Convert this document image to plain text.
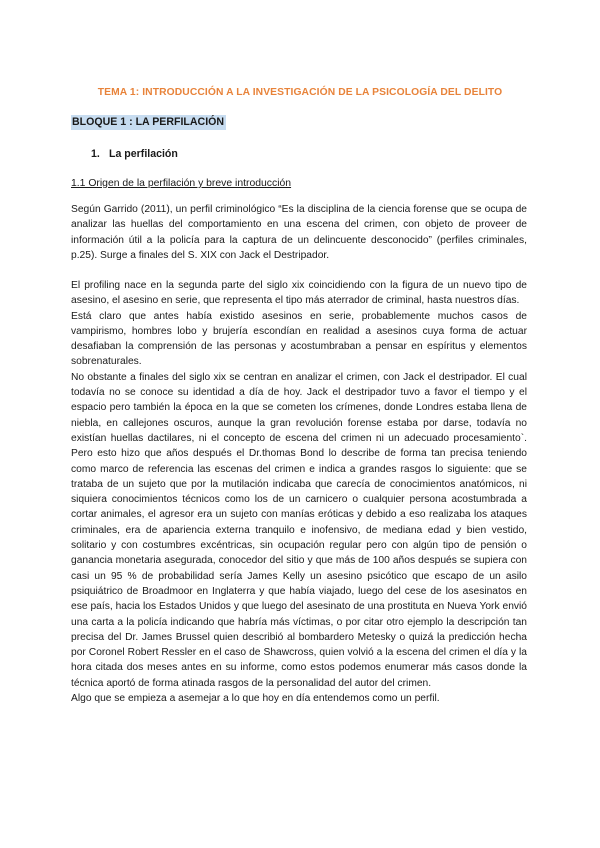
TEMA 1: INTRODUCCIÓN A LA INVESTIGACIÓN DE LA PSICOLOGÍA DEL DELITO
BLOQUE 1 : LA PERFILACIÓN
1. La perfilación
1.1 Origen de la perfilación y breve introducción

Según Garrido (2011), un perfil criminológico “Es la disciplina de la ciencia forense que se ocupa de analizar las huellas del comportamiento en una escena del crimen, con objeto de proveer de información útil a la policía para la captura de un delincuente desconocido” (perfiles criminales, p.25). Surge a finales del S. XIX con Jack el Destripador.

El profiling nace en la segunda parte del siglo xix coincidiendo con la figura de un nuevo tipo de asesino, el asesino en serie, que representa el tipo más aterrador de criminal, hasta nuestros días.

Está claro que antes había existido asesinos en serie, probablemente muchos casos de vampirismo, hombres lobo y brujería escondían en realidad a asesinos cuya forma de actuar desafiaban la comprensión de las personas y acostumbraban a pensar en espíritus y elementos sobrenaturales.

No obstante a finales del siglo xix se centran en analizar el crimen, con Jack el destripador. El cual todavía no se conoce su identidad a día de hoy. Jack el destripador tuvo a favor el tiempo y el espacio pero también la época en la que se cometen los crímenes, donde Londres estaba llena de niebla, en callejones oscuros, aunque la gran revolución forense estaba por darse, todavía no existían huellas dactilares, ni el concepto de escena del crimen ni un adecuado procesamiento`. Pero esto hizo que años después el Dr.thomas Bond lo describe de forma tan precisa teniendo como marco de referencia las escenas del crimen e indica a grandes rasgos lo siguiente: que se trataba de un sujeto que por la mutilación indicaba que carecía de conocimientos anatómicos, ni siquiera conocimientos técnicos como los de un carnicero o cualquier persona acostumbrada a cortar animales, el agresor era un sujeto con manías eróticas y debido a eso realizaba los ataques criminales, era de apariencia externa tranquilo e inofensivo, de mediana edad y bien vestido, solitario y con costumbres excéntricas, sin ocupación regular pero con algún tipo de pensión o ganancia monetaria asegurada, conocedor del sitio y que más de 100 años después se supiera con casi un 95 % de probabilidad sería James Kelly un asesino psicótico que escapo de un asilo psiquiátrico de Broadmoor en Inglaterra y que había viajado, luego del cese de los asesinatos en ese país, hacia los Estados Unidos y que luego del asesinato de una prostituta en Nueva York envió una carta a la policía indicando que habría más víctimas, o por citar otro ejemplo la descripción tan precisa del Dr. James Brussel quien describió al bombardero Metesky o quizá la predicción hecha por Coronel Robert Ressler en el caso de Shawcross, quien volvió a la escena del crimen el día y la hora citada dos meses antes en su informe, como estos podemos enumerar más casos donde la técnica aportó de forma atinada rasgos de la personalidad del autor del crimen.

Algo que se empieza a asemejar a lo que hoy en día entendemos como un perfil.
